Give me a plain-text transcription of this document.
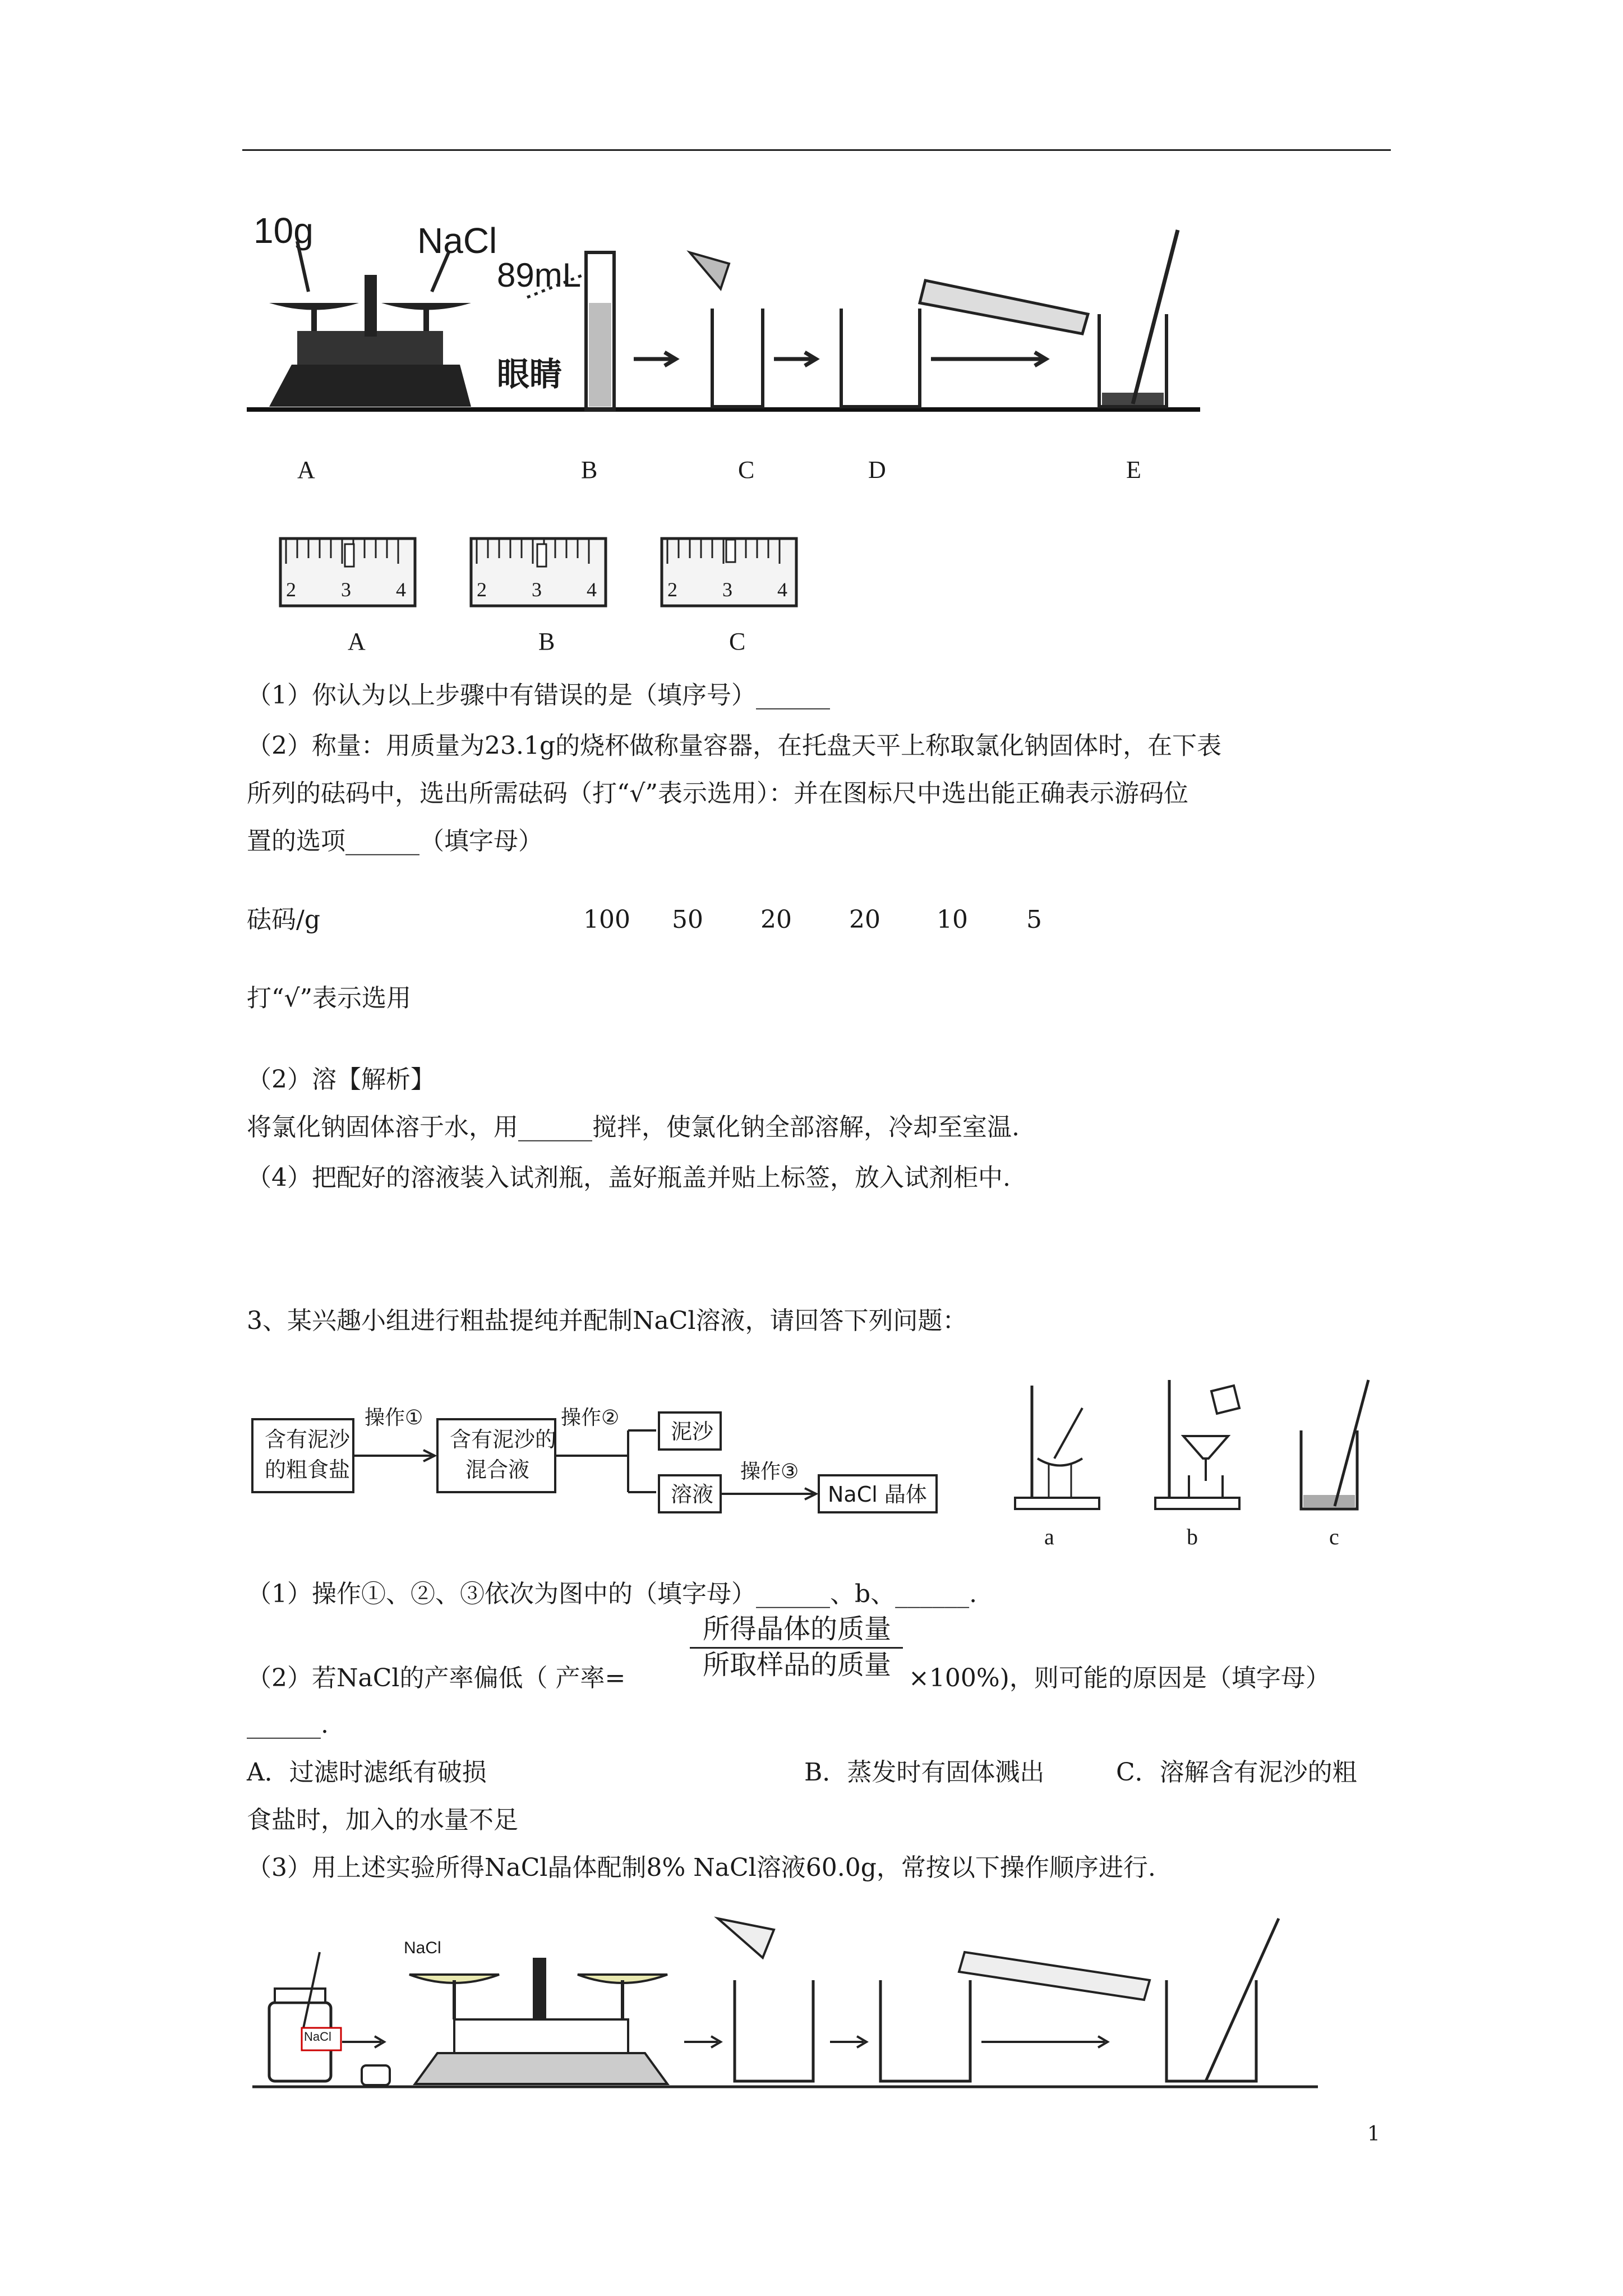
10g	NaCl
89mL
眼睛
A	B	C	D	E
2 3 4	2 3 4	2 3 4
A	B	C
（1）你认为以上步骤中有错误的是（填序号）______
（2）称量：用质量为23.1g的烧杯做称量容器，在托盘天平上称取氯化钠固体时，在下表
所列的砝码中，选出所需砝码（打“√”表示选用）：并在图标尺中选出能正确表示游码位
置的选项______（填字母）
砝码/g	100 50 20 20 10 5
打“√”表示选用
（2）溶【解析】
将氯化钠固体溶于水，用______搅拌，使氯化钠全部溶解，冷却至室温.
（4）把配好的溶液装入试剂瓶，盖好瓶盖并贴上标签，放入试剂柜中.
3、某兴趣小组进行粗盐提纯并配制NaCl溶液，请回答下列问题：
含有泥沙
的粗食盐
操作①
含有泥沙的
混合液
操作②
泥沙
溶液
操作③
NaCl 晶体
a	b	c
（1）操作①、②、③依次为图中的（填字母）______、b、______.
（2）若NaCl的产率偏低（ 产率=
所得晶体的质量
所取样品的质量 ×100%)，则可能的原因是（填字母）
______.
A．过滤时滤纸有破损	B．蒸发时有固体溅出	C．溶解含有泥沙的粗
食盐时，加入的水量不足
（3）用上述实验所得NaCl晶体配制8% NaCl溶液60.0g，常按以下操作顺序进行.
NaCl
NaCl
1
